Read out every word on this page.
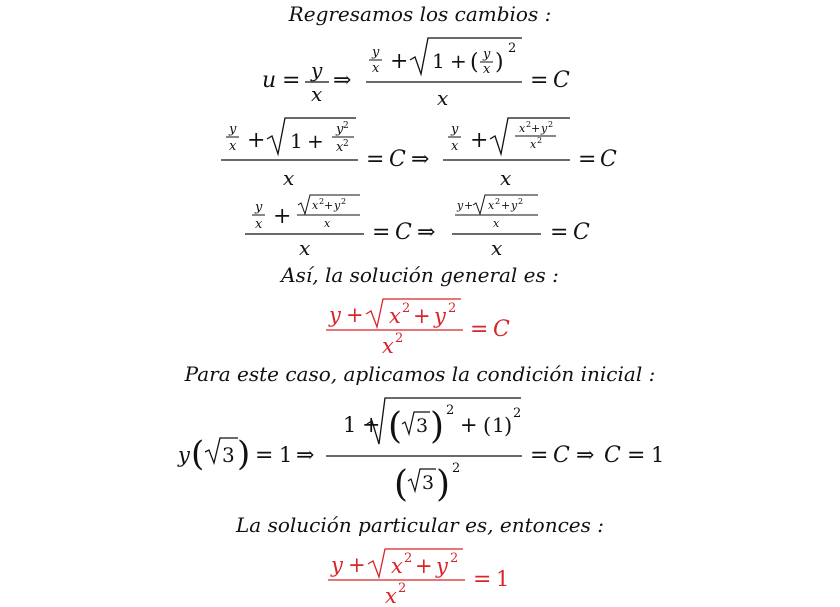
Regresamos los cambios :
u = y
x
⇒
y
x + 1 + ( y
x )
2
x
= C
y
x + 1 + y 2
x 2
x
= C ⇒
y
x +	x 2 + y 2
x 2
x
= C
y
x + x 2 + y 2
x
x
= C ⇒
y + x 2 + y 2
x
x
= C
Así, la solución general es :
y + x 2 + y 2
x 2	= C
Para este caso, aplicamos la condición inicial :
y ( 3 ) = 1 ⇒
1 + ( 3 ) 2
+ ( 1 )
2
( 3 ) 2
= C ⇒ C = 1
La solución particular es, entonces :
y + x 2 + y 2
x 2	= 1
